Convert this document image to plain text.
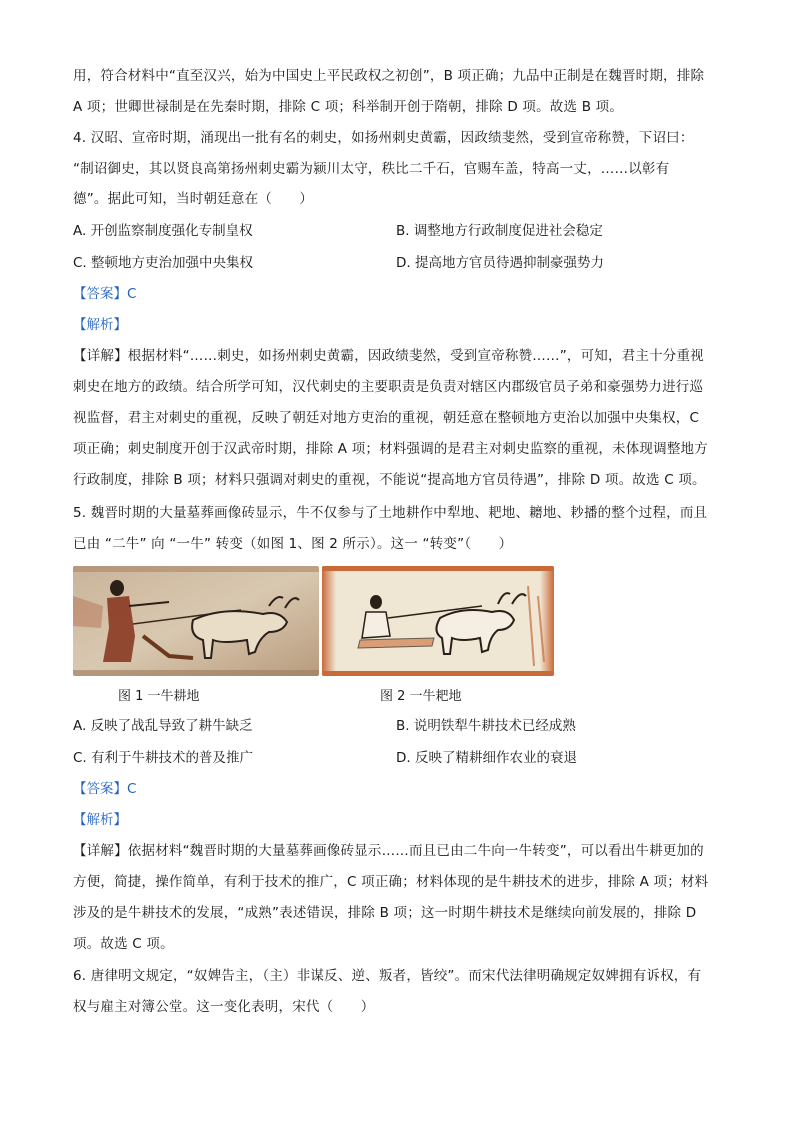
用，符合材料中“直至汉兴，始为中国史上平民政权之初创”，B 项正确；九品中正制是在魏晋时期，排除
A 项；世卿世禄制是在先秦时期，排除 C 项；科举制开创于隋朝，排除 D 项。故选 B 项。
4. 汉昭、宣帝时期，涌现出一批有名的刺史，如扬州刺史黄霸，因政绩斐然，受到宣帝称赞，下诏曰：
“制诏御史，其以贤良高第扬州刺史霸为颍川太守，秩比二千石，官赐车盖，特高一丈，……以彰有
德”。据此可知，当时朝廷意在（　　）
A. 开创监察制度强化专制皇权	B. 调整地方行政制度促进社会稳定
C. 整顿地方吏治加强中央集权	D. 提高地方官员待遇抑制豪强势力
【答案】C
【解析】
【详解】根据材料“……刺史，如扬州刺史黄霸，因政绩斐然，受到宣帝称赞……”，可知，君主十分重视
刺史在地方的政绩。结合所学可知，汉代刺史的主要职责是负责对辖区内郡级官员子弟和豪强势力进行巡
视监督，君主对刺史的重视，反映了朝廷对地方吏治的重视，朝廷意在整顿地方吏治以加强中央集权，C
项正确；刺史制度开创于汉武帝时期，排除 A 项；材料强调的是君主对刺史监察的重视，未体现调整地方
行政制度，排除 B 项；材料只强调对刺史的重视，不能说“提高地方官员待遇”，排除 D 项。故选 C 项。
5. 魏晋时期的大量墓葬画像砖显示，牛不仅参与了土地耕作中犁地、耙地、耱地、耖播的整个过程，而且
已由 “二牛” 向 “一牛” 转变（如图 1、图 2 所示）。这一 “转变”（　　）
图 1 一牛耕地	图 2 一牛耙地
A. 反映了战乱导致了耕牛缺乏	B. 说明铁犁牛耕技术已经成熟
C. 有利于牛耕技术的普及推广	D. 反映了精耕细作农业的衰退
【答案】C
【解析】
【详解】依据材料“魏晋时期的大量墓葬画像砖显示……而且已由二牛向一牛转变”，可以看出牛耕更加的
方便，简捷，操作简单，有利于技术的推广，C 项正确；材料体现的是牛耕技术的进步，排除 A 项；材料
涉及的是牛耕技术的发展，“成熟”表述错误，排除 B 项；这一时期牛耕技术是继续向前发展的，排除 D
项。故选 C 项。
6. 唐律明文规定，“奴婢告主，（主）非谋反、逆、叛者，皆绞”。而宋代法律明确规定奴婢拥有诉权，有
权与雇主对簿公堂。这一变化表明，宋代（　　）
